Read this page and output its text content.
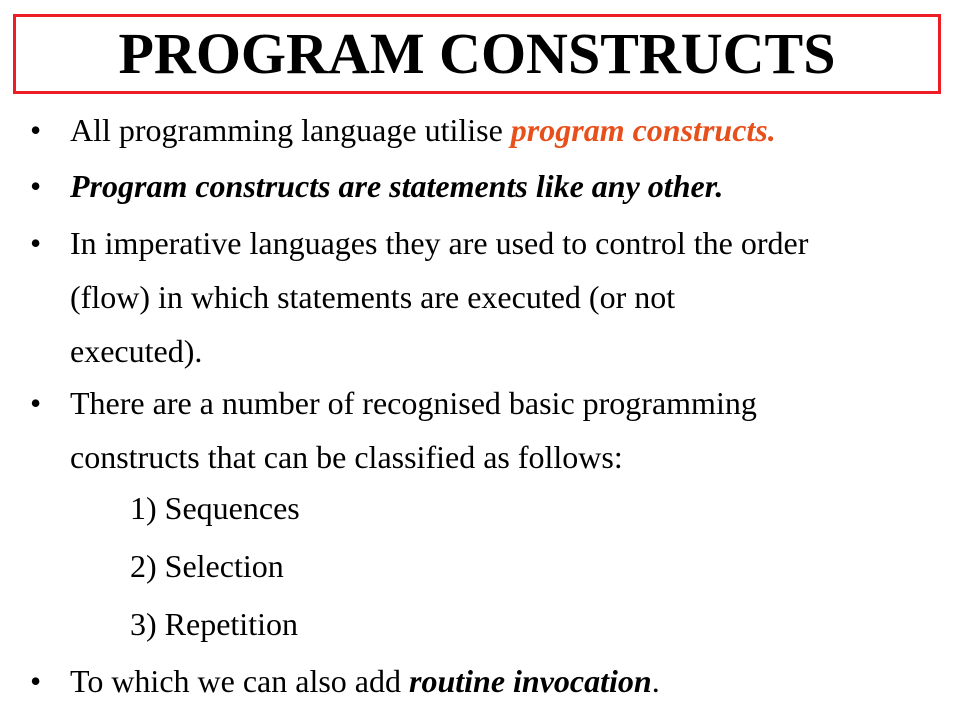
PROGRAM CONSTRUCTS
• All programming language utilise program constructs.
• Program constructs are statements like any other.
• In imperative languages they are used to control the order
(flow) in which statements are executed (or not
executed).
• There are a number of recognised basic programming
constructs that can be classified as follows:
1) Sequences
2) Selection
3) Repetition
• To which we can also add routine invocation.
